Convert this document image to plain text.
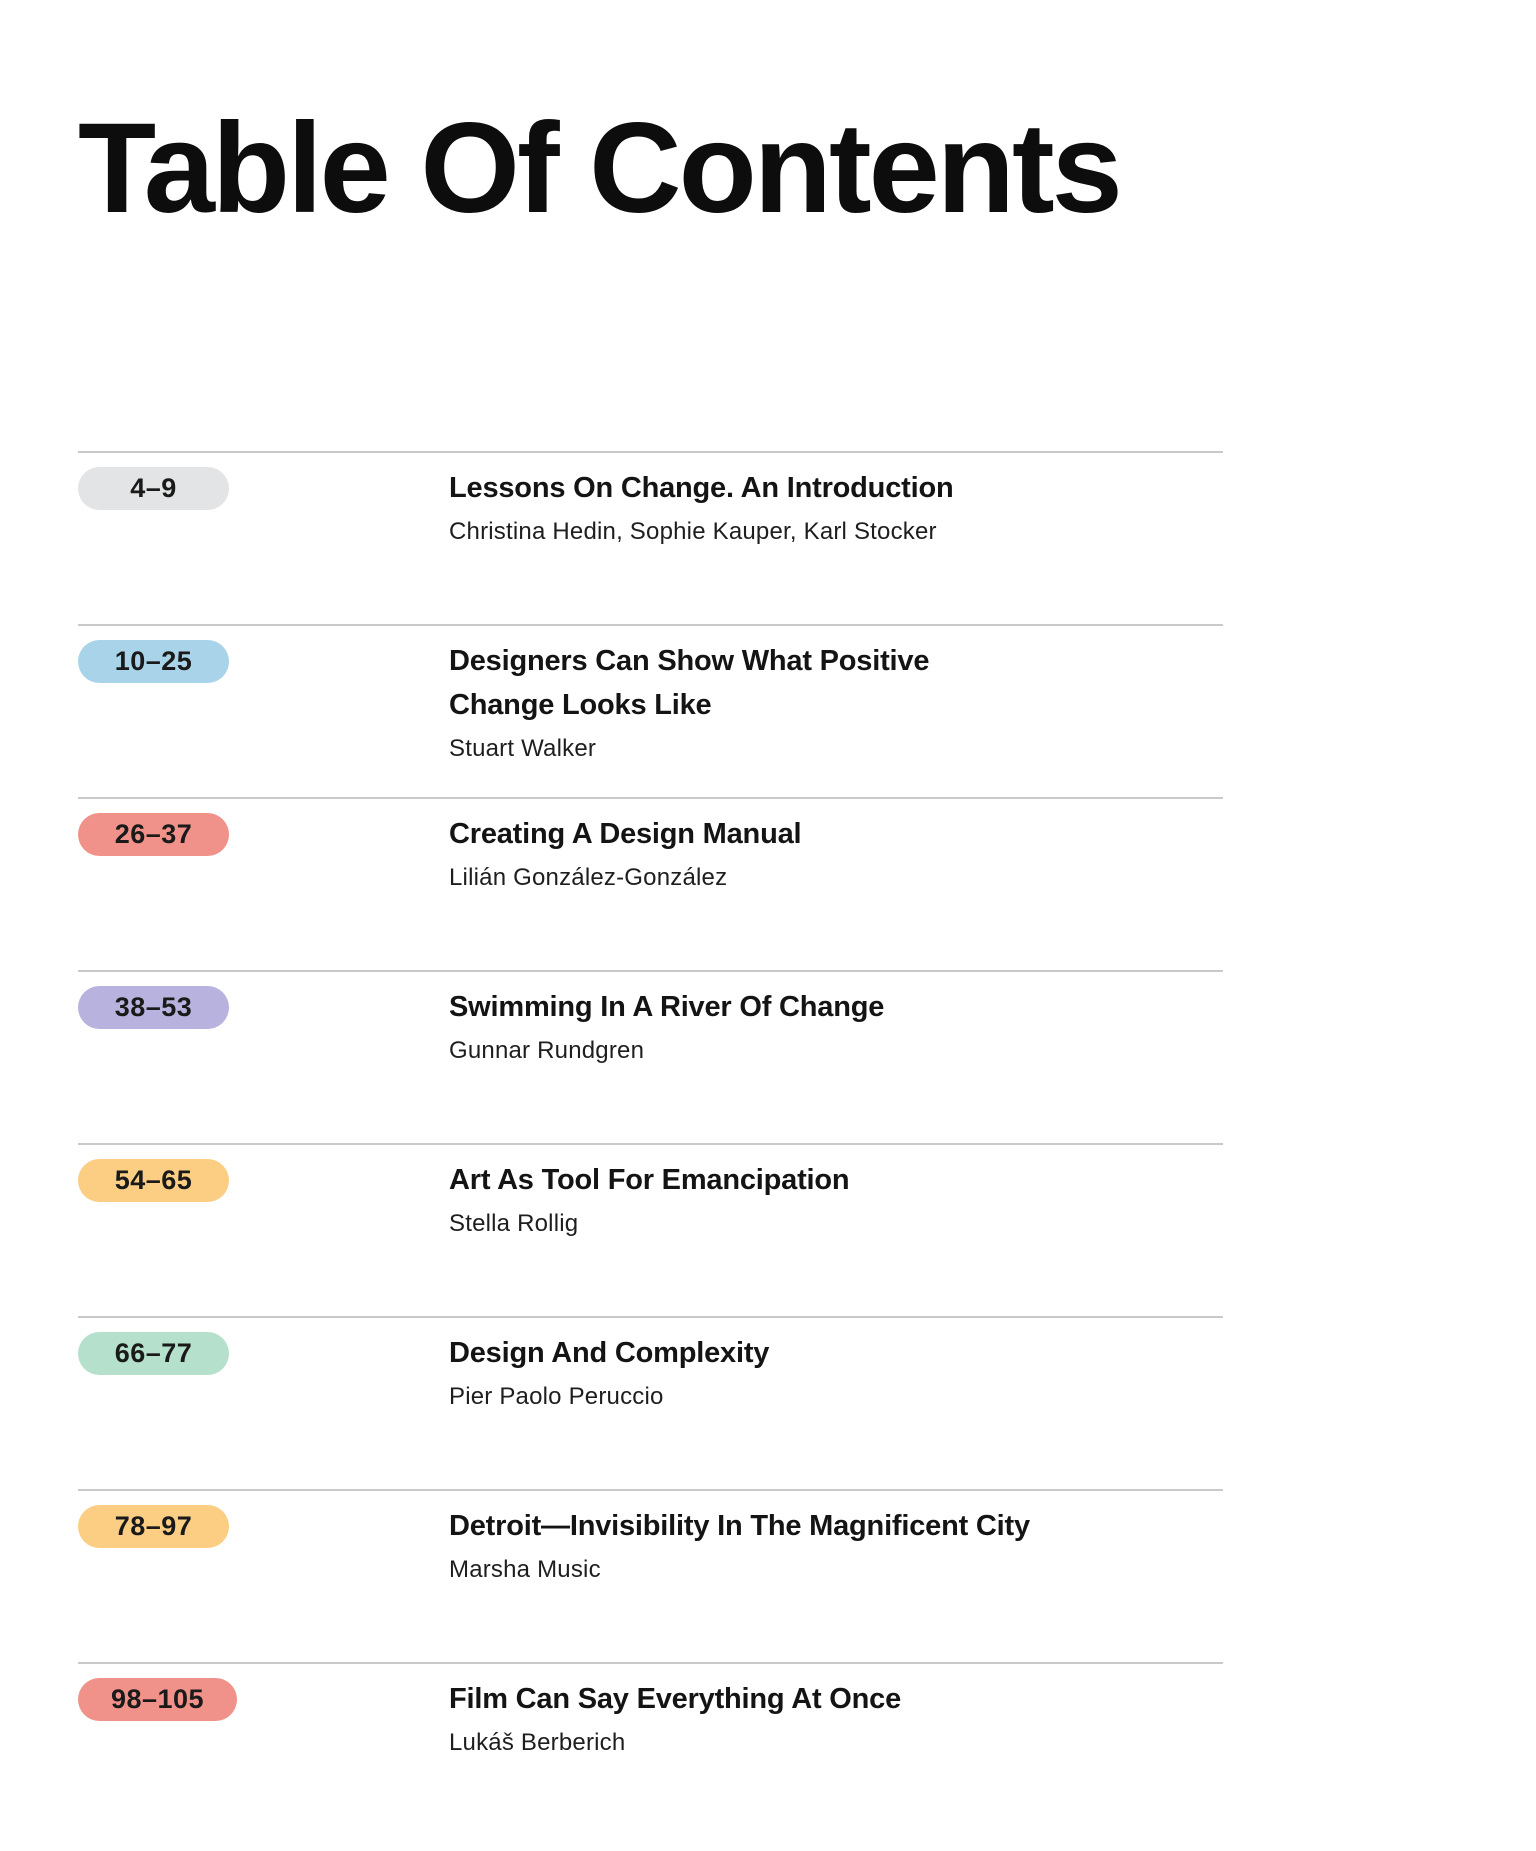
Table Of Contents
4–9	Lessons On Change. An Introduction
Christina Hedin, Sophie Kauper, Karl Stocker
10–25	Designers Can Show What Positive
Change Looks Like
Stuart Walker
26–37	Creating A Design Manual
Lilián González-González
38–53	Swimming In A River Of Change
Gunnar Rundgren
54–65	Art As Tool For Emancipation
Stella Rollig
66–77	Design And Complexity
Pier Paolo Peruccio
78–97	Detroit—Invisibility In The Magnificent City
Marsha Music
98–105	Film Can Say Everything At Once
Lukáš Berberich
